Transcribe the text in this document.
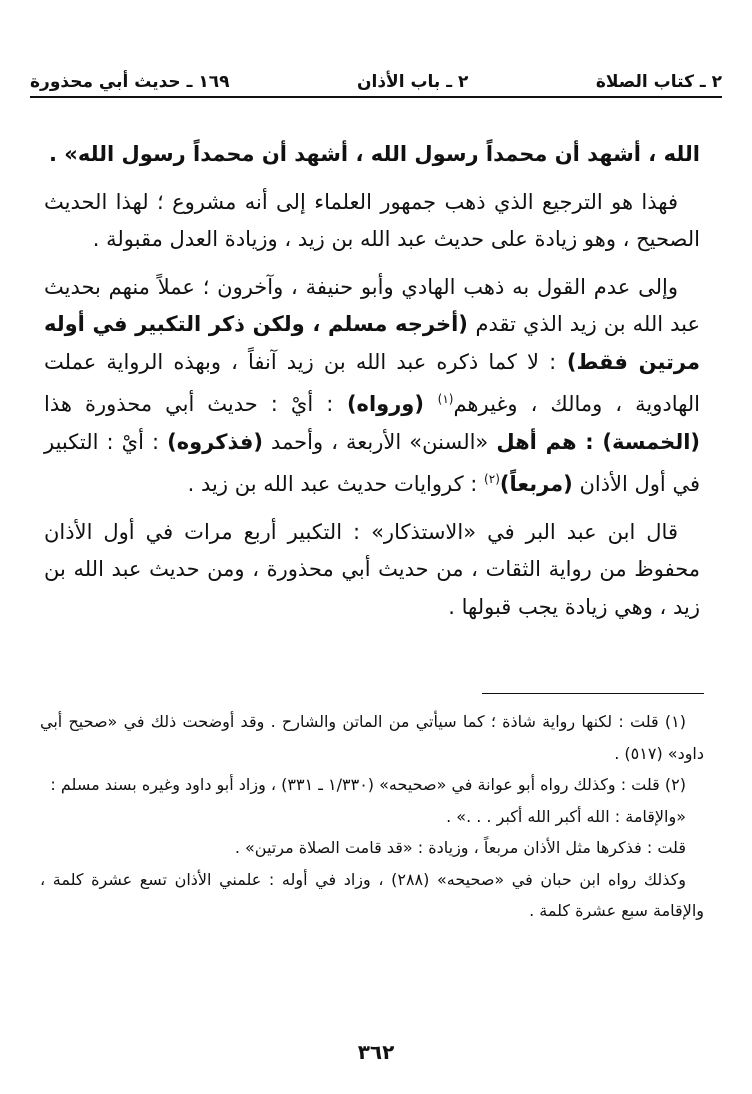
٢ ـ كتاب الصلاة
٢ ـ باب الأذان
١٦٩ ـ حديث أبي محذورة

الله ، أشهد أن محمداً رسول الله ، أشهد أن محمداً رسول الله» .

فهذا هو الترجيع الذي ذهب جمهور العلماء إلى أنه مشروع ؛ لهذا الحديث الصحيح ، وهو زيادة على حديث عبد الله بن زيد ، وزيادة العدل مقبولة .

وإلى عدم القول به ذهب الهادي وأبو حنيفة ، وآخرون ؛ عملاً منهم بحديث عبد الله بن زيد الذي تقدم (أخرجه مسلم ، ولكن ذكر التكبير في أوله مرتين فقط) : لا كما ذكره عبد الله بن زيد آنفاً ، وبهذه الرواية عملت الهادوية ، ومالك ، وغيرهم$^{(١)}$ (ورواه) : أيْ : حديث أبي محذورة هذا (الخمسة) : هم أهل «السنن» الأربعة ، وأحمد (فذكروه) : أيْ : التكبير في أول الأذان (مربعاً)$^{(٢)}$ : كروايات حديث عبد الله بن زيد .

قال ابن عبد البر في «الاستذكار» : التكبير أربع مرات في أول الأذان محفوظ من رواية الثقات ، من حديث أبي محذورة ، ومن حديث عبد الله بن زيد ، وهي زيادة يجب قبولها .

(١) قلت : لكنها رواية شاذة ؛ كما سيأتي من الماتن والشارح . وقد أوضحت ذلك في «صحيح أبي داود» (٥١٧) .

(٢) قلت : وكذلك رواه أبو عوانة في «صحيحه» (١/٣٣٠ ـ ٣٣١) ، وزاد أبو داود وغيره بسند مسلم :

«والإقامة : الله أكبر الله أكبر . . .» .

قلت : فذكرها مثل الأذان مربعاً ، وزيادة : «قد قامت الصلاة مرتين» .

وكذلك رواه ابن حبان في «صحيحه» (٢٨٨) ، وزاد في أوله : علمني الأذان تسع عشرة كلمة ، والإقامة سبع عشرة كلمة .

٣٦٢
